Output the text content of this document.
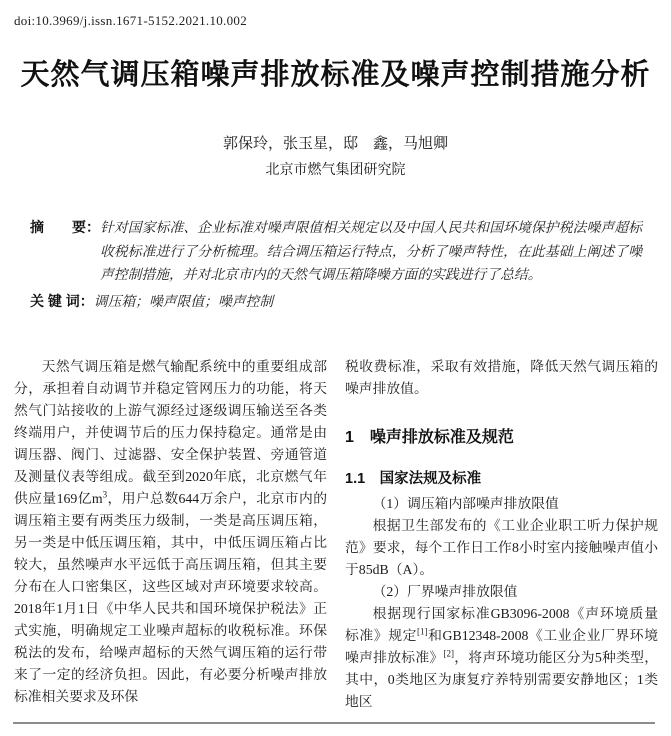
doi:10.3969/j.issn.1671-5152.2021.10.002
天然气调压箱噪声排放标准及噪声控制措施分析
郭保玲，张玉星，邸　鑫，马旭卿
北京市燃气集团研究院
摘　　要： 针对国家标准、企业标准对噪声限值相关规定以及中国人民共和国环境保护税法噪声超标收税标准进行了分析梳理。结合调压箱运行特点，分析了噪声特性，在此基础上阐述了噪声控制措施，并对北京市内的天然气调压箱降噪方面的实践进行了总结。
关 键 词： 调压箱；噪声限值；噪声控制

天然气调压箱是燃气输配系统中的重要组成部分，承担着自动调节并稳定管网压力的功能，将天然气门站接收的上游气源经过逐级调压输送至各类终端用户，并使调节后的压力保持稳定。通常是由调压器、阀门、过滤器、安全保护装置、旁通管道及测量仪表等组成。截至到2020年底，北京燃气年供应量169亿$m^3$，用户总数644万余户，北京市内的调压箱主要有两类压力级制，一类是高压调压箱，另一类是中低压调压箱，其中，中低压调压箱占比较大，虽然噪声水平远低于高压调压箱，但其主要分布在人口密集区，这些区域对声环境要求较高。2018年1月1日《中华人民共和国环境保护税法》正式实施，明确规定工业噪声超标的收税标准。环保税法的发布，给噪声超标的天然气调压箱的运行带来了一定的经济负担。因此，有必要分析噪声排放标准相关要求及环保

税收费标准，采取有效措施，降低天然气调压箱的噪声排放值。

1　噪声排放标准及规范
1.1　国家法规及标准

（1）调压箱内部噪声排放限值

根据卫生部发布的《工业企业职工听力保护规范》要求，每个工作日工作8小时室内接触噪声值小于85dB（A）。

（2）厂界噪声排放限值

根据现行国家标准GB3096-2008《声环境质量标准》规定[1]和GB12348-2008《工业企业厂界环境噪声排放标准》[2]，将声环境功能区分为5种类型，其中，0类地区为康复疗养特别需要安静地区；1类地区
